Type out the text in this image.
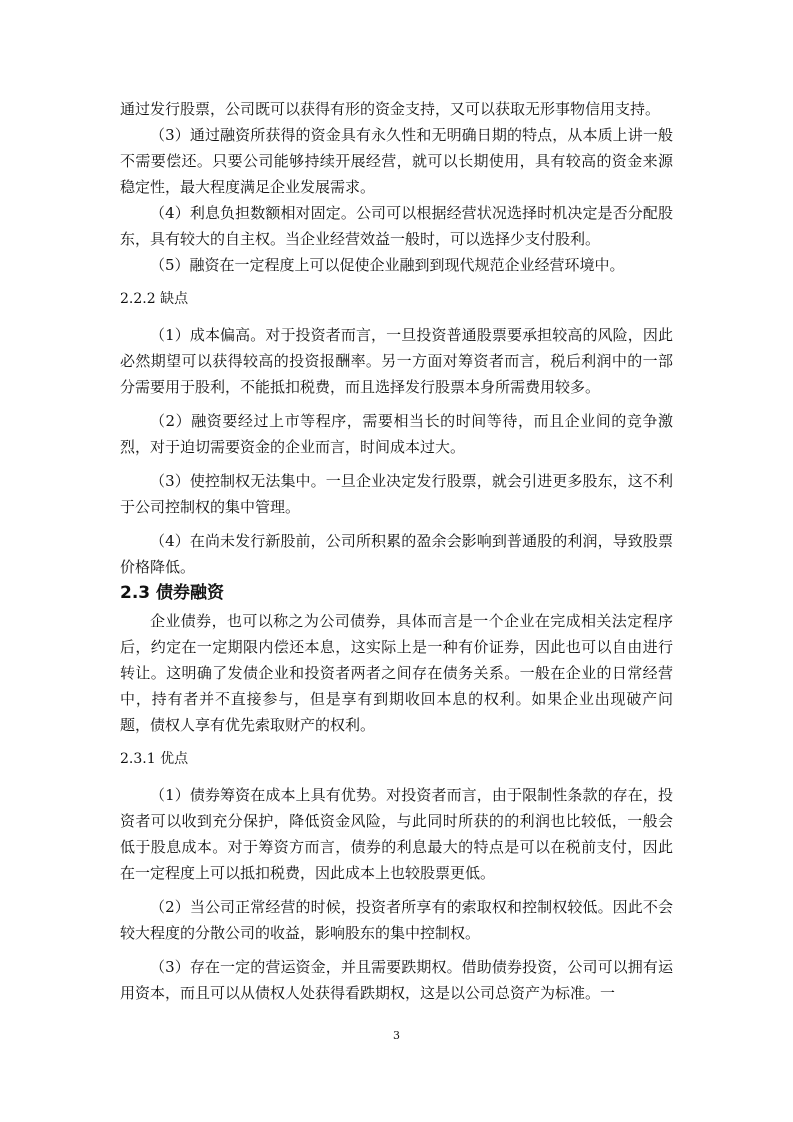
通过发行股票，公司既可以获得有形的资金支持，又可以获取无形事物信用支持。

（3）通过融资所获得的资金具有永久性和无明确日期的特点，从本质上讲一般不需要偿还。只要公司能够持续开展经营，就可以长期使用，具有较高的资金来源稳定性，最大程度满足企业发展需求。

（4）利息负担数额相对固定。公司可以根据经营状况选择时机决定是否分配股东，具有较大的自主权。当企业经营效益一般时，可以选择少支付股利。

（5）融资在一定程度上可以促使企业融到到现代规范企业经营环境中。

2.2.2 缺点

（1）成本偏高。对于投资者而言，一旦投资普通股票要承担较高的风险，因此必然期望可以获得较高的投资报酬率。另一方面对筹资者而言，税后利润中的一部分需要用于股利，不能抵扣税费，而且选择发行股票本身所需费用较多。

（2）融资要经过上市等程序，需要相当长的时间等待，而且企业间的竞争激烈，对于迫切需要资金的企业而言，时间成本过大。

（3）使控制权无法集中。一旦企业决定发行股票，就会引进更多股东，这不利于公司控制权的集中管理。

（4）在尚未发行新股前，公司所积累的盈余会影响到普通股的利润，导致股票价格降低。

2.3 债券融资

企业债券，也可以称之为公司债券，具体而言是一个企业在完成相关法定程序后，约定在一定期限内偿还本息，这实际上是一种有价证券，因此也可以自由进行转让。这明确了发债企业和投资者两者之间存在债务关系。一般在企业的日常经营中，持有者并不直接参与，但是享有到期收回本息的权利。如果企业出现破产问题，债权人享有优先索取财产的权利。

2.3.1 优点

（1）债券筹资在成本上具有优势。对投资者而言，由于限制性条款的存在，投资者可以收到充分保护，降低资金风险，与此同时所获的的利润也比较低，一般会低于股息成本。对于筹资方而言，债券的利息最大的特点是可以在税前支付，因此在一定程度上可以抵扣税费，因此成本上也较股票更低。

（2）当公司正常经营的时候，投资者所享有的索取权和控制权较低。因此不会较大程度的分散公司的收益，影响股东的集中控制权。

（3）存在一定的营运资金，并且需要跌期权。借助债券投资，公司可以拥有运用资本，而且可以从债权人处获得看跌期权，这是以公司总资产为标准。一

3
